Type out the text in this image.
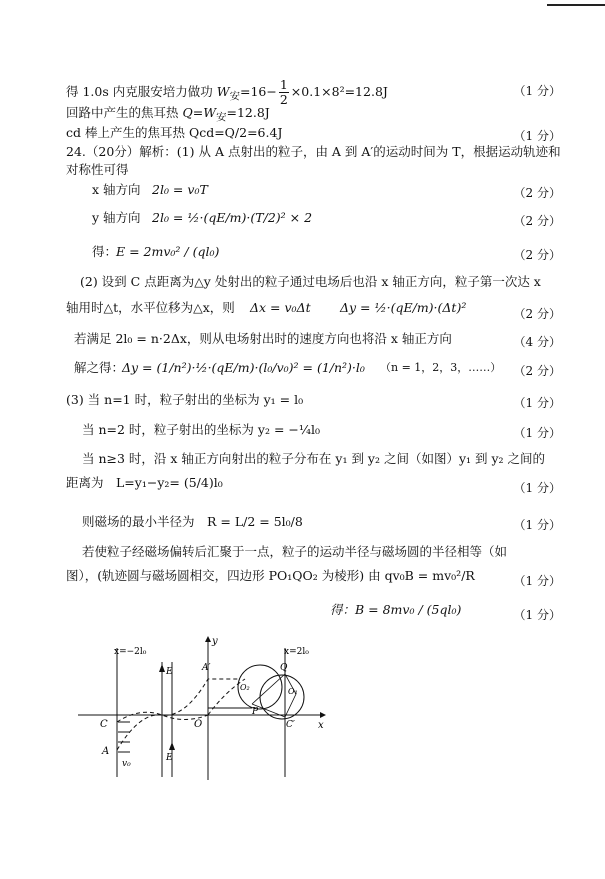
得 1.0s 内克服安培力做功 $W_安=16- \frac{1}{2} \times 0.1\times 8^2=12.8J$	（1 分）
回路中产生的焦耳热 $Q=W_安=12.8J$
cd 棒上产生的焦耳热 Qcd=Q/2=6.4J	（1 分）
24.（20分）解析：(1) 从 A 点射出的粒子，由 A 到 A′的运动时间为 T，根据运动轨迹和
对称性可得
x 轴方向 2l₀ = v₀T	（2 分）
y 轴方向 2l₀ = ½·(qE/m)·(T/2)² × 2	（2 分）
得：
E = 2mv₀² / (ql₀)	（2 分）
(2) 设到 C 点距离为△y 处射出的粒子通过电场后也沿 x 轴正方向，粒子第一次达 x
轴用时△t，水平位移为△x，则 Δx = v₀Δt Δy = ½·(qE/m)·(Δt)²	（2 分）
若满足 2l₀ = n·2Δx，则从电场射出时的速度方向也将沿 x 轴正方向	（4 分）
解之得：
Δy = (1/n²)·½·(qE/m)·(l₀/v₀)² = (1/n²)·l₀ （n = 1，2，3，……） （2 分）
(3) 当 n=1 时，粒子射出的坐标为 y₁ = l₀	（1 分）
当 n=2 时，粒子射出的坐标为 y₂ = −¼l₀	（1 分）
当 n≥3 时，沿 x 轴正方向射出的粒子分布在 y₁ 到 y₂ 之间（如图）y₁ 到 y₂ 之间的
距离为　L=y₁−y₂= (5/4)l₀	（1 分）
则磁场的最小半径为　R = L/2 = 5l₀/8	（1 分）
若使粒子经磁场偏转后汇聚于一点，粒子的运动半径与磁场圆的半径相等（如
图），(轨迹圆与磁场圆相交，四边形 PO₁QO₂ 为棱形) 由 qv₀B = mv₀²/R	（1 分）
得：B = 8mv₀ / (5ql₀)	（1 分）
x=−2l₀	x=2l₀
y
x
E
E
A′	Q
O₂	O₁
P
C′
C	O
A
v₀
